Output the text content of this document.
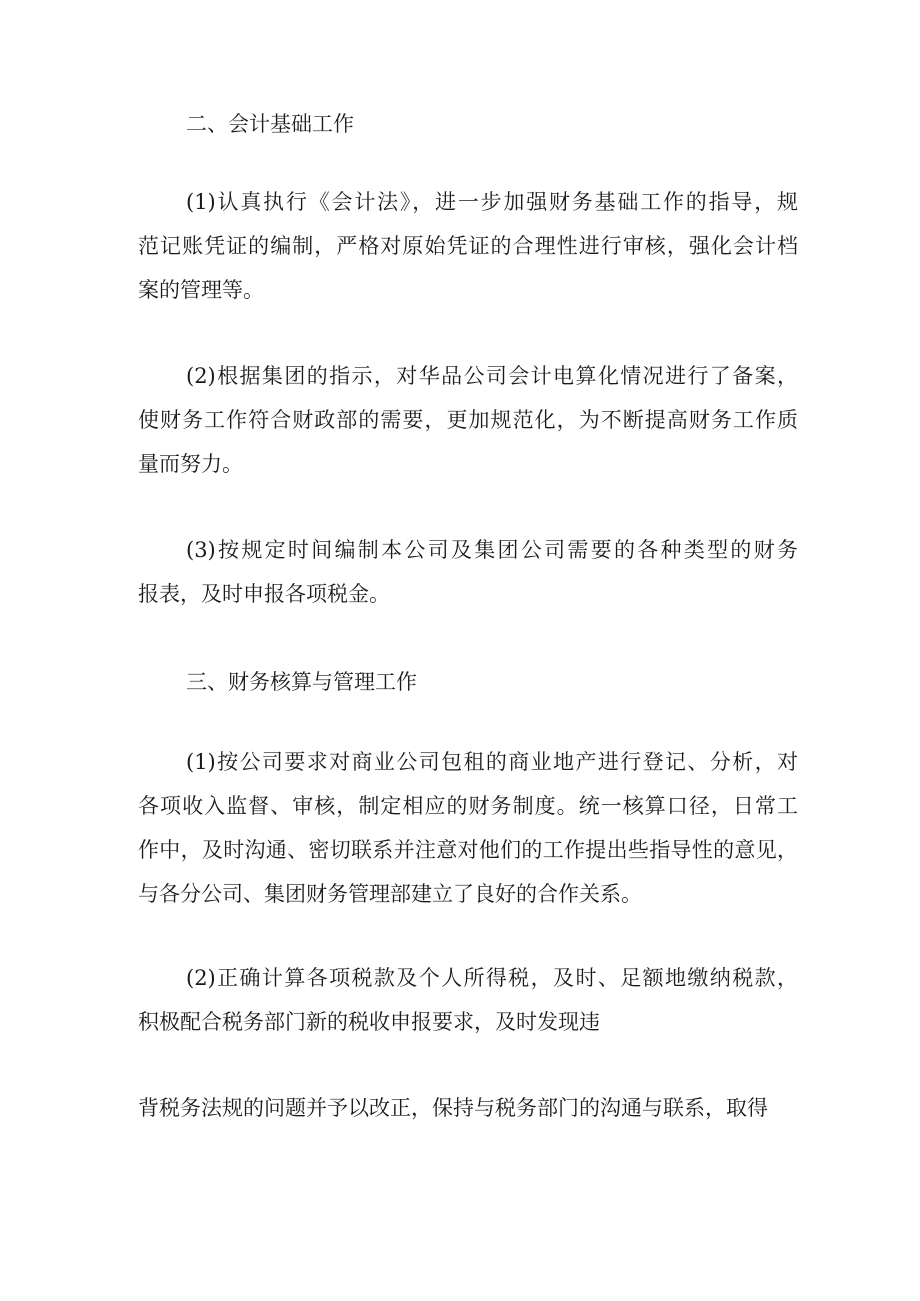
二、会计基础工作

(1)认真执行《会计法》，进一步加强财务基础工作的指导，规
范记账凭证的编制，严格对原始凭证的合理性进行审核，强化会计档
案的管理等。

(2)根据集团的指示，对华品公司会计电算化情况进行了备案，
使财务工作符合财政部的需要，更加规范化，为不断提高财务工作质
量而努力。

(3)按规定时间编制本公司及集团公司需要的各种类型的财务
报表，及时申报各项税金。

三、财务核算与管理工作

(1)按公司要求对商业公司包租的商业地产进行登记、分析，对
各项收入监督、审核，制定相应的财务制度。统一核算口径，日常工
作中，及时沟通、密切联系并注意对他们的工作提出些指导性的意见，
与各分公司、集团财务管理部建立了良好的合作关系。

(2)正确计算各项税款及个人所得税，及时、足额地缴纳税款，
积极配合税务部门新的税收申报要求，及时发现违

背税务法规的问题并予以改正，保持与税务部门的沟通与联系，取得
